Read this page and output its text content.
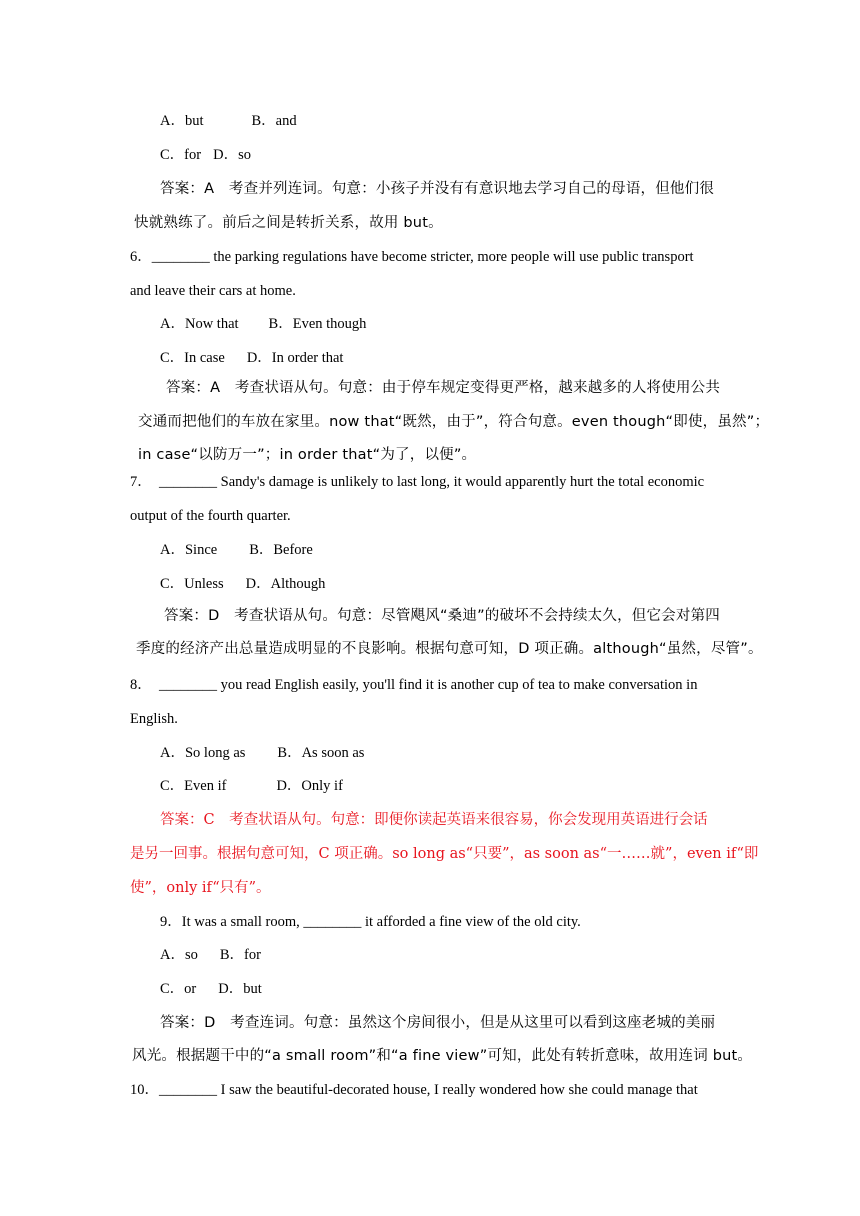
A．but	B．and
C．for D．so
答案：A　考查并列连词。句意：小孩子并没有有意识地去学习自己的母语，但他们很
快就熟练了。前后之间是转折关系，故用 but。
6．________ the parking regulations have become stricter, more people will use public transport
and leave their cars at home.
A．Now that B．Even though
C．In case D．In order that
答案：A　考查状语从句。句意：由于停车规定变得更严格，越来越多的人将使用公共
交通而把他们的车放在家里。now that“既然，由于”，符合句意。even though“即使，虽然”；
in case“以防万一”；in order that“为了，以便”。
7．　________ Sandy's damage is unlikely to last long, it would apparently hurt the total economic
output of the fourth quarter.
A．Since B．Before
C．Unless D．Although
答案：D　考查状语从句。句意：尽管飓风“桑迪”的破坏不会持续太久，但它会对第四
季度的经济产出总量造成明显的不良影响。根据句意可知，D 项正确。although“虽然，尽管”。
8．　________ you read English easily, you'll find it is another cup of tea to make conversation in
English.
A．So long as B．As soon as
C．Even if	D．Only if
答案：C　考查状语从句。句意：即便你读起英语来很容易，你会发现用英语进行会话
是另一回事。根据句意可知，C 项正确。so long as“只要”，as soon as“一……就”，even if“即
使”，only if“只有”。
9．It was a small room, ________ it afforded a fine view of the old city.
A．so B．for
C．or D．but
答案：D　考查连词。句意：虽然这个房间很小，但是从这里可以看到这座老城的美丽
风光。根据题干中的“a small room”和“a fine view”可知，此处有转折意味，故用连词 but。
10．________ I saw the beautiful-decorated house, I really wondered how she could manage that
